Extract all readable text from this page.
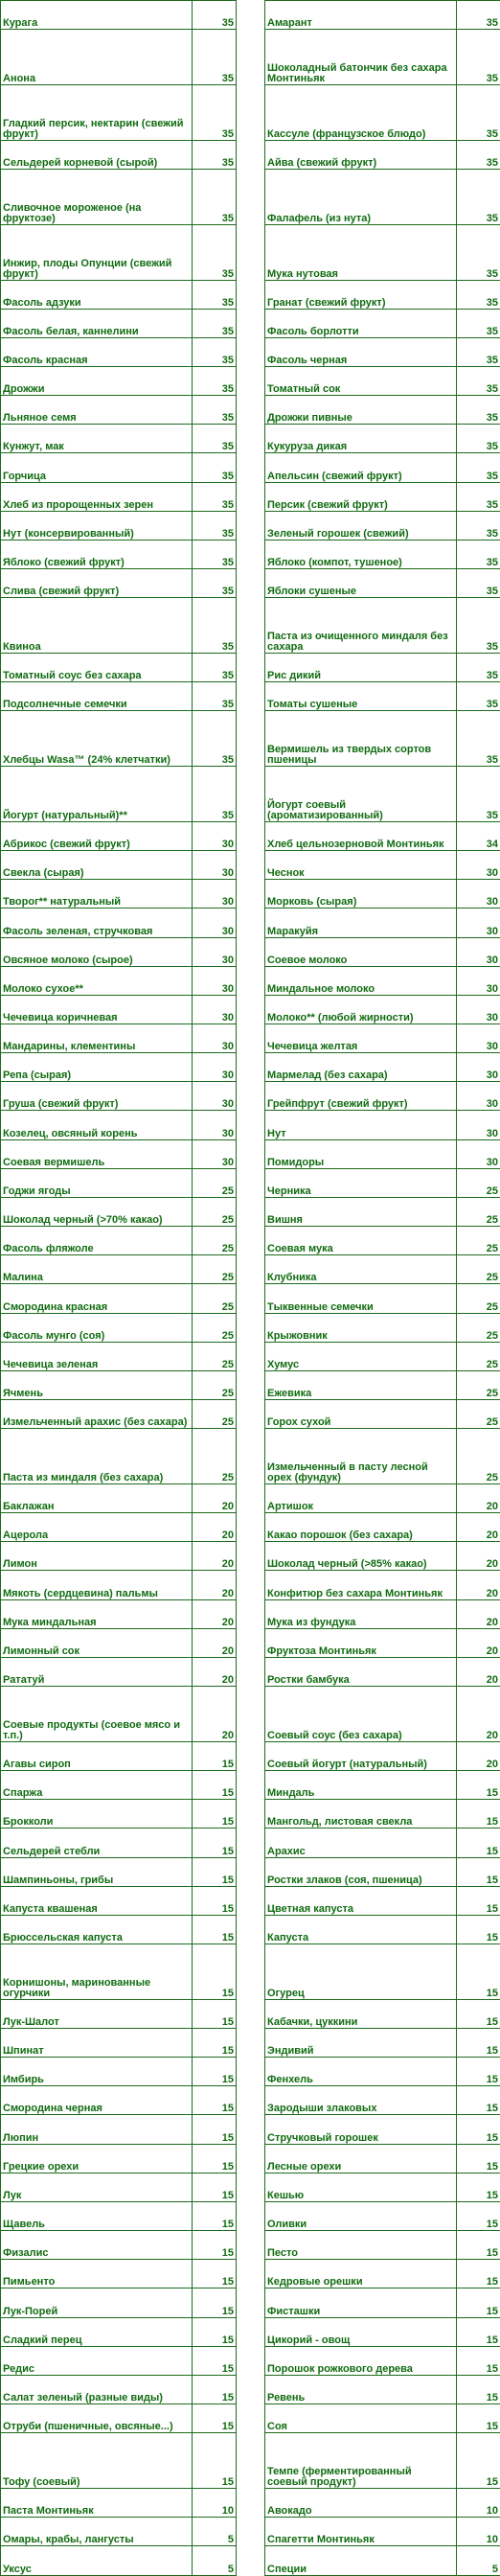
Курага	35		Амарант	35
Анона	35		Шоколадный батончик без сахара Монтиньяк	35
Гладкий персик, нектарин (свежий фрукт)	35		Кассуле (французское блюдо)	35
Сельдерей корневой (сырой)	35		Айва (свежий фрукт)	35
Сливочное мороженое (на фруктозе)	35		Фалафель (из нута)	35
Инжир, плоды Опунции (свежий фрукт)	35		Мука нутовая	35
Фасоль адзуки	35		Гранат (свежий фрукт)	35
Фасоль белая, каннелини	35		Фасоль борлотти	35
Фасоль красная	35		Фасоль черная	35
Дрожжи	35		Томатный сок	35
Льняное семя	35		Дрожжи пивные	35
Кунжут, мак	35		Кукуруза дикая	35
Горчица	35		Апельсин (свежий фрукт)	35
Хлеб из пророщенных зерен	35		Персик (свежий фрукт)	35
Нут (консервированный)	35		Зеленый горошек (свежий)	35
Яблоко (свежий фрукт)	35		Яблоко (компот, тушеное)	35
Слива (свежий фрукт)	35		Яблоки сушеные	35
Квиноа	35		Паста из очищенного миндаля без сахара	35
Томатный соус без сахара	35		Рис дикий	35
Подсолнечные семечки	35		Томаты сушеные	35
Хлебцы Wasa™ (24% клетчатки)	35		Вермишель из твердых сортов пшеницы	35
Йогурт (натуральный)**	35		Йогурт соевый (ароматизированный)	35
Абрикос (свежий фрукт)	30		Хлеб цельнозерновой Монтиньяк	34
Свекла (сырая)	30		Чеснок	30
Творог** натуральный	30		Морковь (сырая)	30
Фасоль зеленая, стручковая	30		Маракуйя	30
Овсяное молоко (сырое)	30		Соевое молоко	30
Молоко сухое**	30		Миндальное молоко	30
Чечевица коричневая	30		Молоко** (любой жирности)	30
Мандарины, клементины	30		Чечевица желтая	30
Репа (сырая)	30		Мармелад (без сахара)	30
Груша (свежий фрукт)	30		Грейпфрут (свежий фрукт)	30
Козелец, овсяный корень	30		Нут	30
Соевая вермишель	30		Помидоры	30
Годжи ягоды	25		Черника	25
Шоколад черный (>70% какао)	25		Вишня	25
Фасоль фляжоле	25		Соевая мука	25
Малина	25		Клубника	25
Смородина красная	25		Тыквенные семечки	25
Фасоль мунго (соя)	25		Крыжовник	25
Чечевица зеленая	25		Хумус	25
Ячмень	25		Ежевика	25
Измельченный арахис (без сахара)	25		Горох сухой	25
Паста из миндаля (без сахара)	25		Измельченный в пасту лесной орех (фундук)	25
Баклажан	20		Артишок	20
Ацерола	20		Какао порошок (без сахара)	20
Лимон	20		Шоколад черный (>85% какао)	20
Мякоть (сердцевина) пальмы	20		Конфитюр без сахара Монтиньяк	20
Мука миндальная	20		Мука из фундука	20
Лимонный сок	20		Фруктоза Монтиньяк	20
Рататуй	20		Ростки бамбука	20
Соевые продукты (соевое мясо и т.п.)	20		Соевый соус (без сахара)	20
Агавы сироп	15		Соевый йогурт (натуральный)	20
Спаржа	15		Миндаль	15
Брокколи	15		Мангольд, листовая свекла	15
Сельдерей стебли	15		Арахис	15
Шампиньоны, грибы	15		Ростки злаков (соя, пшеница)	15
Капуста квашеная	15		Цветная капуста	15
Брюссельская капуста	15		Капуста	15
Корнишоны, маринованные огурчики	15		Огурец	15
Лук-Шалот	15		Кабачки, цуккини	15
Шпинат	15		Эндивий	15
Имбирь	15		Фенхель	15
Смородина черная	15		Зародыши злаковых	15
Люпин	15		Стручковый горошек	15
Грецкие орехи	15		Лесные орехи	15
Лук	15		Кешью	15
Щавель	15		Оливки	15
Физалис	15		Песто	15
Пимьенто	15		Кедровые орешки	15
Лук-Порей	15		Фисташки	15
Сладкий перец	15		Цикорий - овощ	15
Редис	15		Порошок рожкового дерева	15
Салат зеленый (разные виды)	15		Ревень	15
Отруби (пшеничные, овсяные...)	15		Соя	15
Тофу (соевый)	15		Темпе (ферментированный соевый продукт)	15
Паста Монтиньяк	10		Авокадо	10
Омары, крабы, лангусты	5		Спагетти Монтиньяк	10
Уксус	5		Специи	5
